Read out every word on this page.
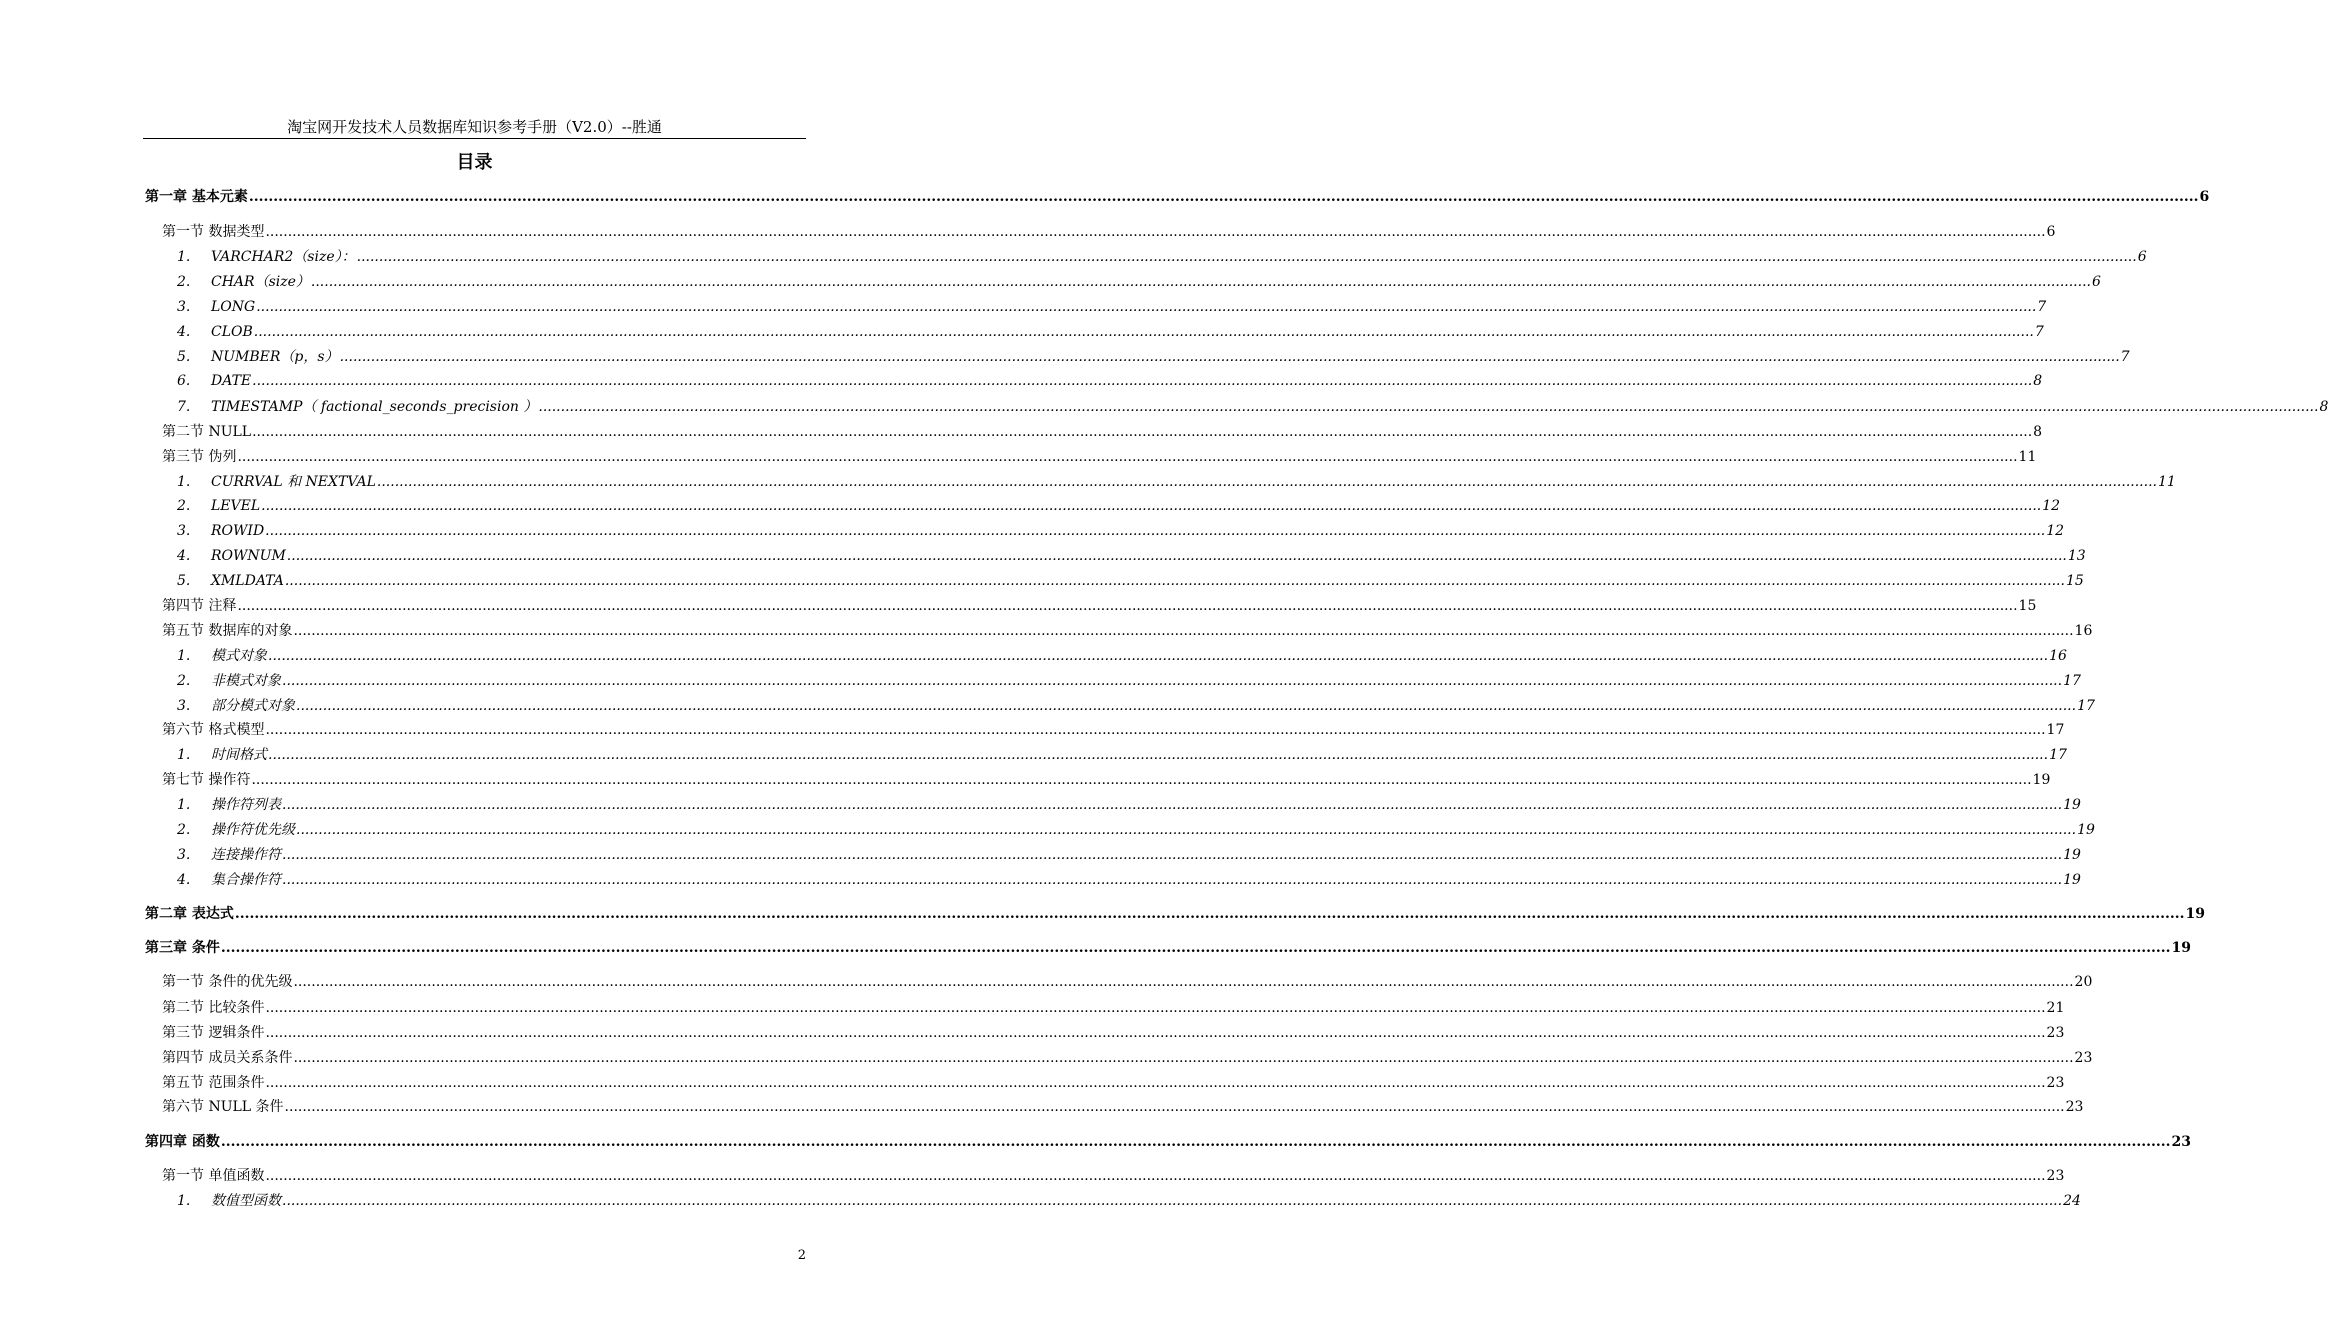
淘宝网开发技术人员数据库知识参考手册（V2.0）--胜通
目录
第一章 基本元素 ................................................................................................................................................................................................................................................................................................................................................................................................................ 6
第一节 数据类型 ................................................................................................................................................................................................................................................................................................................................................................................................................ 6
1. VARCHAR2（size）： ................................................................................................................................................................................................................................................................................................................................................................................................................ 6
2. CHAR（size） ................................................................................................................................................................................................................................................................................................................................................................................................................ 6
3. LONG ................................................................................................................................................................................................................................................................................................................................................................................................................ 7
4. CLOB ................................................................................................................................................................................................................................................................................................................................................................................................................ 7
5. NUMBER（p，s） ................................................................................................................................................................................................................................................................................................................................................................................................................ 7
6. DATE ................................................................................................................................................................................................................................................................................................................................................................................................................ 8
7. TIMESTAMP（ factional_seconds_precision ） ................................................................................................................................................................................................................................................................................................................................................................................................................ 8
第二节 NULL ................................................................................................................................................................................................................................................................................................................................................................................................................ 8
第三节 伪列 ................................................................................................................................................................................................................................................................................................................................................................................................................ 11
1. CURRVAL 和 NEXTVAL ................................................................................................................................................................................................................................................................................................................................................................................................................ 11
2. LEVEL ................................................................................................................................................................................................................................................................................................................................................................................................................ 12
3. ROWID ................................................................................................................................................................................................................................................................................................................................................................................................................ 12
4. ROWNUM ................................................................................................................................................................................................................................................................................................................................................................................................................ 13
5. XMLDATA ................................................................................................................................................................................................................................................................................................................................................................................................................ 15
第四节 注释 ................................................................................................................................................................................................................................................................................................................................................................................................................ 15
第五节 数据库的对象 ................................................................................................................................................................................................................................................................................................................................................................................................................ 16
1. 模式对象 ................................................................................................................................................................................................................................................................................................................................................................................................................ 16
2. 非模式对象 ................................................................................................................................................................................................................................................................................................................................................................................................................ 17
3. 部分模式对象 ................................................................................................................................................................................................................................................................................................................................................................................................................ 17
第六节 格式模型 ................................................................................................................................................................................................................................................................................................................................................................................................................ 17
1. 时间格式 ................................................................................................................................................................................................................................................................................................................................................................................................................ 17
第七节 操作符 ................................................................................................................................................................................................................................................................................................................................................................................................................ 19
1. 操作符列表 ................................................................................................................................................................................................................................................................................................................................................................................................................ 19
2. 操作符优先级 ................................................................................................................................................................................................................................................................................................................................................................................................................ 19
3. 连接操作符 ................................................................................................................................................................................................................................................................................................................................................................................................................ 19
4. 集合操作符 ................................................................................................................................................................................................................................................................................................................................................................................................................ 19
第二章 表达式 ................................................................................................................................................................................................................................................................................................................................................................................................................ 19
第三章 条件 ................................................................................................................................................................................................................................................................................................................................................................................................................ 19
第一节 条件的优先级 ................................................................................................................................................................................................................................................................................................................................................................................................................ 20
第二节 比较条件 ................................................................................................................................................................................................................................................................................................................................................................................................................ 21
第三节 逻辑条件 ................................................................................................................................................................................................................................................................................................................................................................................................................ 23
第四节 成员关系条件 ................................................................................................................................................................................................................................................................................................................................................................................................................ 23
第五节 范围条件 ................................................................................................................................................................................................................................................................................................................................................................................................................ 23
第六节 NULL 条件 ................................................................................................................................................................................................................................................................................................................................................................................................................ 23
第四章 函数 ................................................................................................................................................................................................................................................................................................................................................................................................................ 23
第一节 单值函数 ................................................................................................................................................................................................................................................................................................................................................................................................................ 23
1. 数值型函数 ................................................................................................................................................................................................................................................................................................................................................................................................................ 24
2
